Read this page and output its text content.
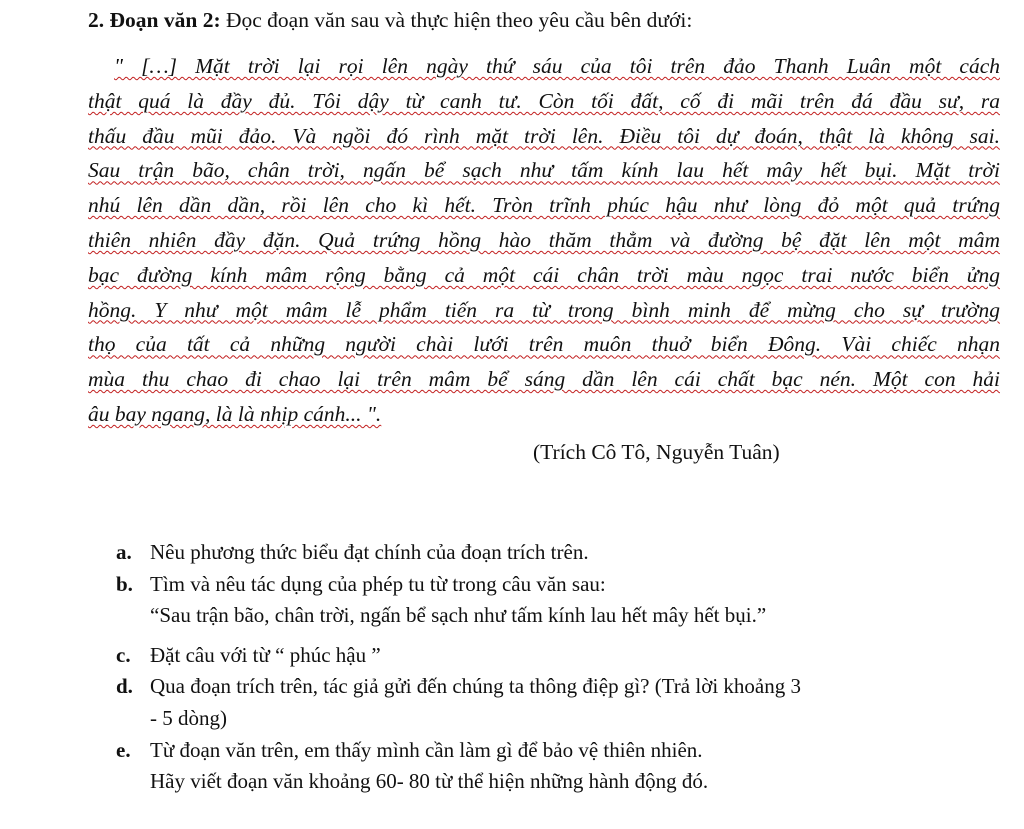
2. Đoạn văn 2: Đọc đoạn văn sau và thực hiện theo yêu cầu bên dưới:
" […] Mặt trời lại rọi lên ngày thứ sáu của tôi trên đảo Thanh Luân một cách
thật quá là đầy đủ. Tôi dậy từ canh tư. Còn tối đất, cố đi mãi trên đá đầu sư, ra
thấu đầu mũi đảo. Và ngồi đó rình mặt trời lên. Điều tôi dự đoán, thật là không sai.
Sau trận bão, chân trời, ngấn bể sạch như tấm kính lau hết mây hết bụi. Mặt trời
nhú lên dần dần, rồi lên cho kì hết. Tròn trĩnh phúc hậu như lòng đỏ một quả trứng
thiên nhiên đầy đặn. Quả trứng hồng hào thăm thẳm và đường bệ đặt lên một mâm
bạc đường kính mâm rộng bằng cả một cái chân trời màu ngọc trai nước biển ửng
hồng. Y như một mâm lễ phẩm tiến ra từ trong bình minh để mừng cho sự trường
thọ của tất cả những người chài lưới trên muôn thuở biển Đông. Vài chiếc nhạn
mùa thu chao đi chao lại trên mâm bể sáng dần lên cái chất bạc nén. Một con hải
âu bay ngang, là là nhịp cánh... ".
(Trích Cô Tô, Nguyễn Tuân)
a. Nêu phương thức biểu đạt chính của đoạn trích trên.
b. Tìm và nêu tác dụng của phép tu từ trong câu văn sau:
“Sau trận bão, chân trời, ngấn bể sạch như tấm kính lau hết mây hết bụi.”
c. Đặt câu với từ “ phúc hậu ”
d. Qua đoạn trích trên, tác giả gửi đến chúng ta thông điệp gì? (Trả lời khoảng 3
- 5 dòng)
e. Từ đoạn văn trên, em thấy mình cần làm gì để bảo vệ thiên nhiên.
Hãy viết đoạn văn khoảng 60- 80 từ thể hiện những hành động đó.
